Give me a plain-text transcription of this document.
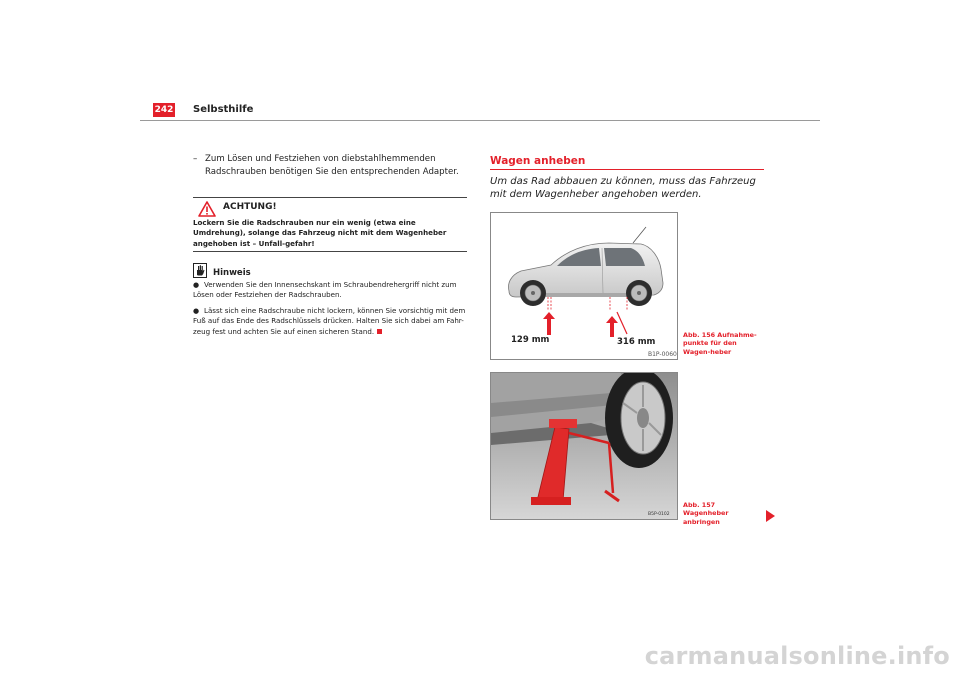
242 Selbsthilfe
– Zum Lösen und Festziehen von diebstahlhemmenden Radschrauben benötigen Sie den entsprechenden Adapter.
ACHTUNG!
Lockern Sie die Radschrauben nur ein wenig (etwa eine Umdrehung), solange das Fahrzeug nicht mit dem Wagenheber angehoben ist – Unfall-gefahr!
Hinweis
● Verwenden Sie den Innensechskant im Schraubendrehergriff nicht zum Lösen oder Festziehen der Radschrauben.
● Lässt sich eine Radschraube nicht lockern, können Sie vorsichtig mit dem Fuß auf das Ende des Radschlüssels drücken. Halten Sie sich dabei am Fahr-zeug fest und achten Sie auf einen sicheren Stand.
Wagen anheben
Um das Rad abbauen zu können, muss das Fahrzeug mit dem Wagenheber angehoben werden.
129 mm	316 mm
B1P-0060
Abb. 156 Aufnahme-punkte für den Wagen-heber
B5P-0102
Abb. 157 Wagenheber anbringen
carmanualsonline.info
